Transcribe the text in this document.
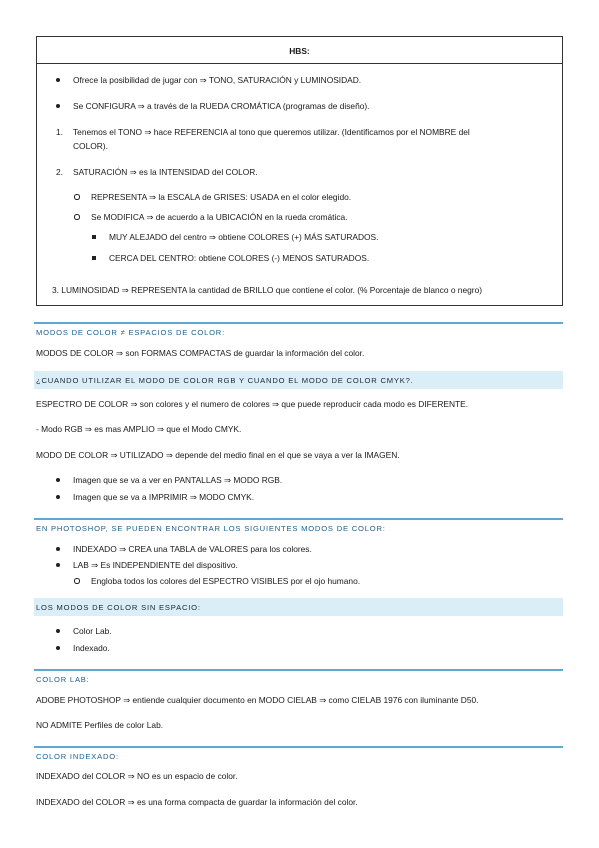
HBS:
Ofrece la posibilidad de jugar con ⇒ TONO, SATURACIÓN y LUMINOSIDAD.
Se CONFIGURA ⇒ a través de la RUEDA CROMÁTICA (programas de diseño).
1. Tenemos el TONO ⇒ hace REFERENCIA al tono que queremos utilizar. (Identificamos por el NOMBRE del
COLOR).
2. SATURACIÓN ⇒ es la INTENSIDAD del COLOR.
REPRESENTA ⇒ la ESCALA de GRISES: USADA en el color elegido.
Se MODIFICA ⇒ de acuerdo a la UBICACIÓN en la rueda cromática.
MUY ALEJADO del centro ⇒ obtiene COLORES (+) MÁS SATURADOS.
CERCA DEL CENTRO: obtiene COLORES (-) MENOS SATURADOS.
3. LUMINOSIDAD ⇒ REPRESENTA la cantidad de BRILLO que contiene el color. (% Porcentaje de blanco o negro)
MODOS DE COLOR ≠ ESPACIOS DE COLOR:
MODOS DE COLOR ⇒ son FORMAS COMPACTAS de guardar la información del color.
¿CUANDO UTILIZAR EL MODO DE COLOR RGB Y CUANDO EL MODO DE COLOR CMYK?.
ESPECTRO DE COLOR ⇒ son colores y el numero de colores ⇒ que puede reproducir cada modo es DIFERENTE.
- Modo RGB ⇒ es mas AMPLIO ⇒ que el Modo CMYK.
MODO DE COLOR ⇒ UTILIZADO ⇒ depende del medio final en el que se vaya a ver la IMAGEN.
Imagen que se va a ver en PANTALLAS ⇒ MODO RGB.
Imagen que se va a IMPRIMIR ⇒ MODO CMYK.
EN PHOTOSHOP, SE PUEDEN ENCONTRAR LOS SIGUIENTES MODOS DE COLOR:
INDEXADO ⇒ CREA una TABLA de VALORES para los colores.
LAB ⇒ Es INDEPENDIENTE del dispositivo.
Engloba todos los colores del ESPECTRO VISIBLES por el ojo humano.
LOS MODOS DE COLOR SIN ESPACIO:
Color Lab.
Indexado.
COLOR LAB:
ADOBE PHOTOSHOP ⇒ entiende cualquier documento en MODO CIELAB ⇒ como CIELAB 1976 con iluminante D50.
NO ADMITE Perfiles de color Lab.
COLOR INDEXADO:
INDEXADO del COLOR ⇒ NO es un espacio de color.
INDEXADO del COLOR ⇒ es una forma compacta de guardar la información del color.
